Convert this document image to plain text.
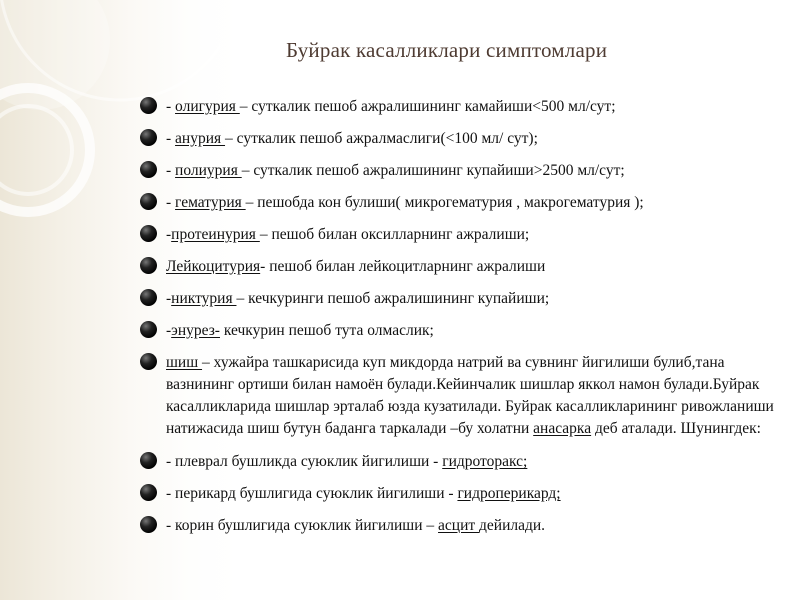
Буйрак касалликлари симптомлари
- олигурия – суткалик пешоб ажралишининг камайиши<500 мл/сут;
- анурия – суткалик пешоб ажралмаслиги(<100 мл/ сут);
- полиурия – суткалик пешоб ажралишининг купайиши>2500 мл/сут;
- гематурия – пешобда кон булиши( микрогематурия , макрогематурия );
-протеинурия – пешоб билан оксилларнинг ажралиши;
Лейкоцитурия- пешоб билан лейкоцитларнинг ажралиши
-никтурия – кечкуринги пешоб ажралишининг купайиши;
-энурез- кечкурин пешоб тута олмаслик;
шиш – хужайра ташкарисида куп микдорда натрий ва сувнинг йигилиши булиб,тана вазнининг ортиши билан намоён булади.Кейинчалик шишлар яккол намон булади.Буйрак касалликларида шишлар эрталаб юзда кузатилади. Буйрак касалликларининг ривожланиши натижасида шиш бутун баданга таркалади –бу холатни анасарка деб аталади. Шунингдек:
- плеврал бушликда суюклик йигилиши - гидроторакс;
- перикард бушлигида суюклик йигилиши - гидроперикард;
- корин бушлигида суюклик йигилиши – асцит дейилади.
